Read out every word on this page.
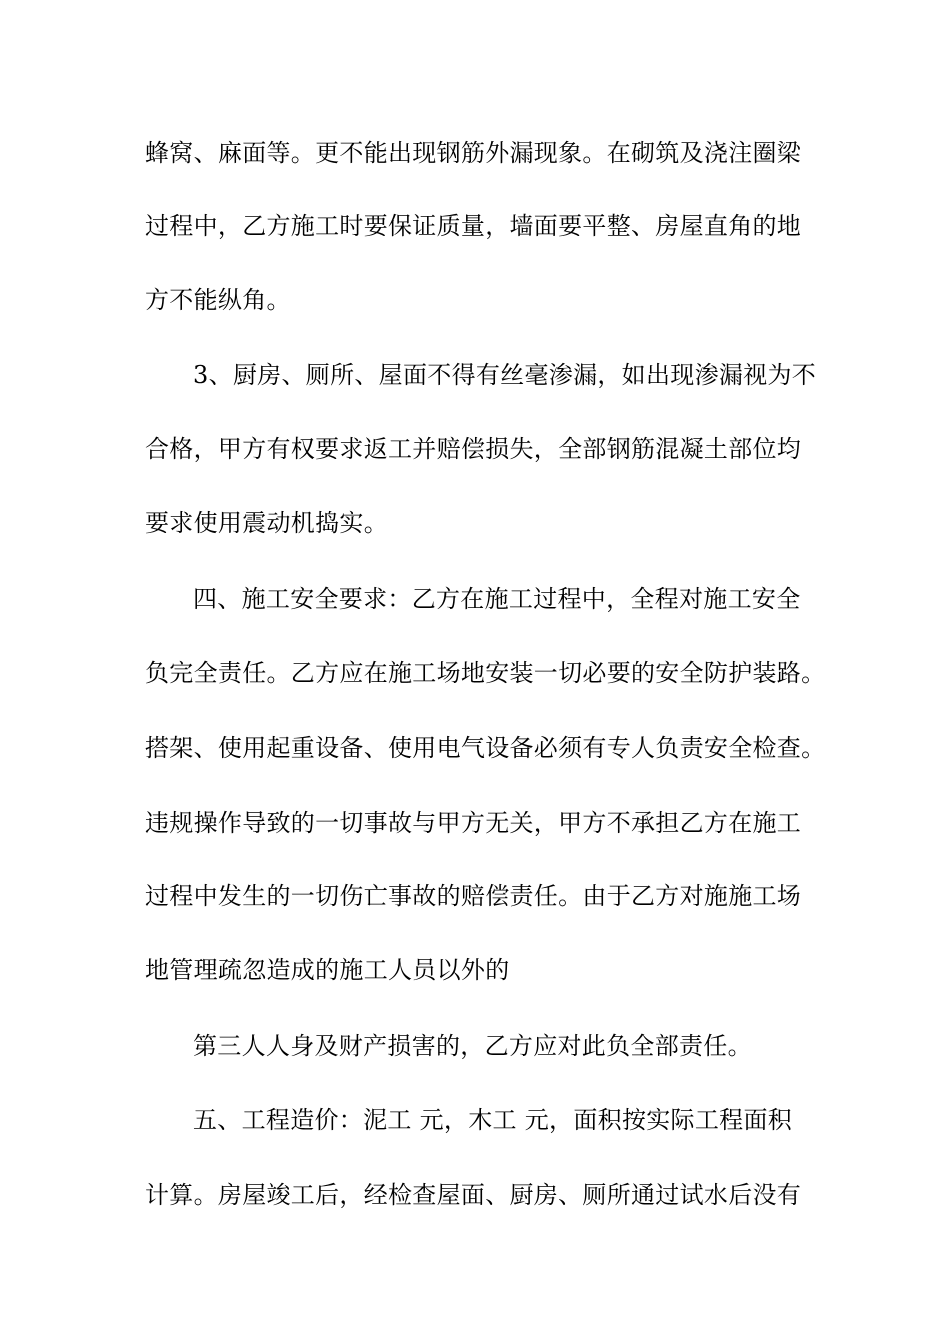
蜂窝、麻面等。更不能出现钢筋外漏现象。在砌筑及浇注圈梁
过程中，乙方施工时要保证质量，墙面要平整、房屋直角的地
方不能纵角。
3、厨房、厕所、屋面不得有丝毫渗漏，如出现渗漏视为不
合格，甲方有权要求返工并赔偿损失，全部钢筋混凝土部位均
要求使用震动机捣实。
四、施工安全要求：乙方在施工过程中，全程对施工安全
负完全责任。乙方应在施工场地安装一切必要的安全防护装路。
搭架、使用起重设备、使用电气设备必须有专人负责安全检查。
违规操作导致的一切事故与甲方无关，甲方不承担乙方在施工
过程中发生的一切伤亡事故的赔偿责任。由于乙方对施施工场
地管理疏忽造成的施工人员以外的
第三人人身及财产损害的，乙方应对此负全部责任。
五、工程造价：泥工 元，木工 元，面积按实际工程面积
计算。房屋竣工后，经检查屋面、厨房、厕所通过试水后没有
